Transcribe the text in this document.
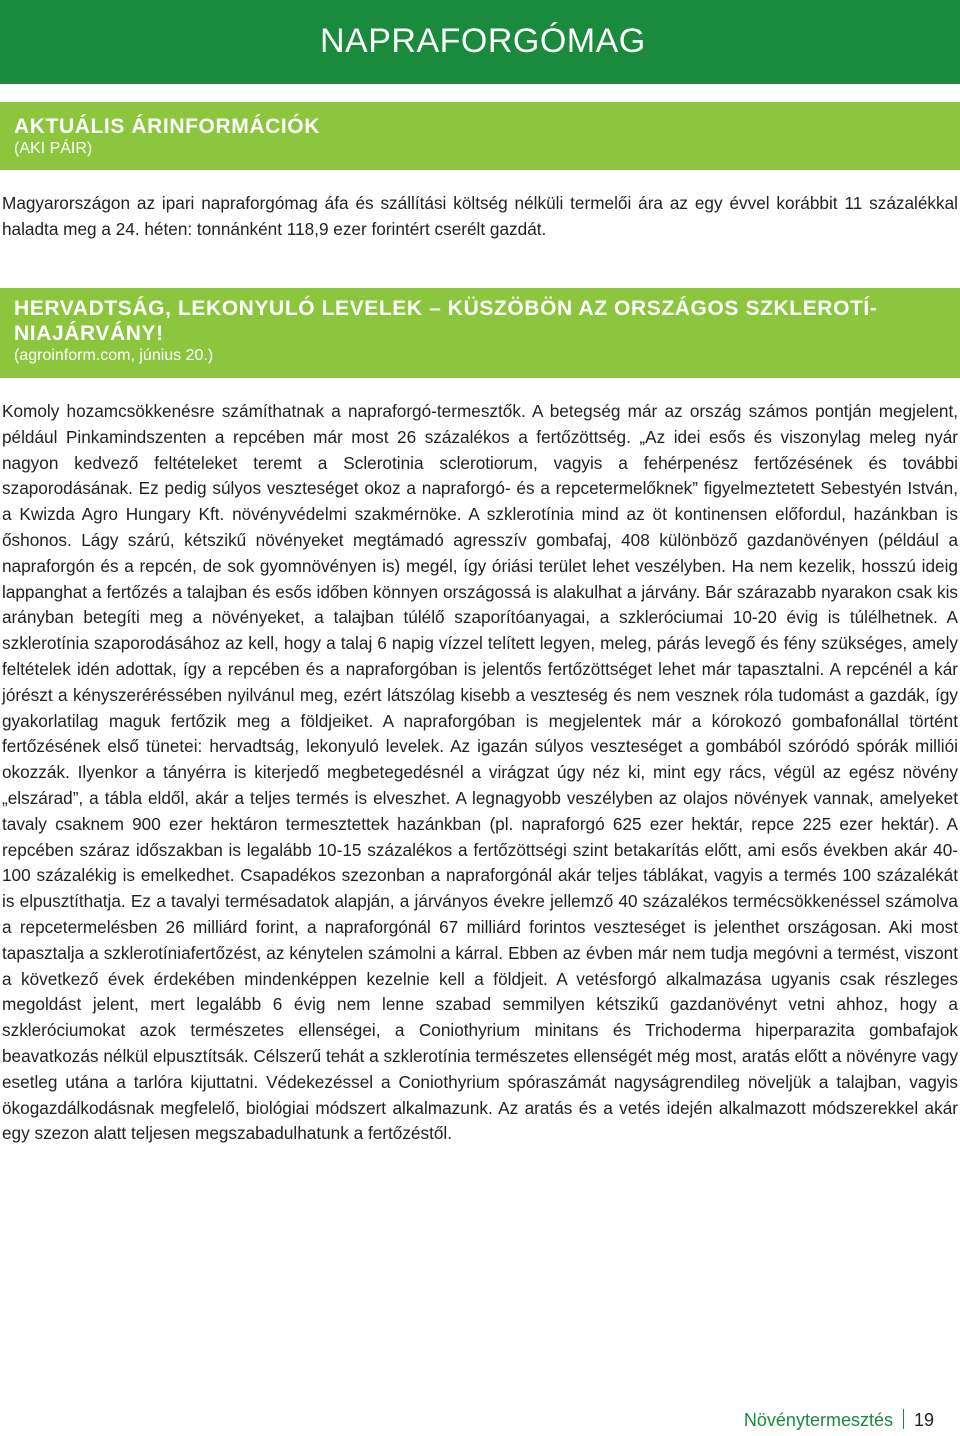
NAPRAFORGÓMAG
AKTUÁLIS ÁRINFORMÁCIÓK
(AKI PÁIR)

Magyarországon az ipari napraforgómag áfa és szállítási költség nélküli termelői ára az egy évvel korábbit 11 százalékkal haladta meg a 24. héten: tonnánként 118,9 ezer forintért cserélt gazdát.

HERVADTSÁG, LEKONYULÓ LEVELEK – KÜSZÖBÖN AZ ORSZÁGOS SZKLEROTÍ-NIAJÁRVÁNY!
(agroinform.com, június 20.)

Komoly hozamcsökkenésre számíthatnak a napraforgó-termesztők. A betegség már az ország számos pontján megjelent, például Pinkamindszenten a repcében már most 26 százalékos a fertőzöttség. „Az idei esős és viszonylag meleg nyár nagyon kedvező feltételeket teremt a Sclerotinia sclerotiorum, vagyis a fehérpenész fertőzésének és további szaporodásának. Ez pedig súlyos veszteséget okoz a napraforgó- és a repcetermelőknek” figyelmeztetett Sebestyén István, a Kwizda Agro Hungary Kft. növényvédelmi szakmérnöke. A szklerotínia mind az öt kontinensen előfordul, hazánkban is őshonos. Lágy szárú, kétszikű növényeket megtámadó agresszív gombafaj, 408 különböző gazdanövényen (például a napraforgón és a repcén, de sok gyomnövényen is) megél, így óriási terület lehet veszélyben. Ha nem kezelik, hosszú ideig lappanghat a fertőzés a talajban és esős időben könnyen országossá is alakulhat a járvány. Bár szárazabb nyarakon csak kis arányban betegíti meg a növényeket, a talajban túlélő szaporítóanyagai, a szkleróciumai 10-20 évig is túlélhetnek. A szklerotínia szaporodásához az kell, hogy a talaj 6 napig vízzel telített legyen, meleg, párás levegő és fény szükséges, amely feltételek idén adottak, így a repcében és a napraforgóban is jelentős fertőzöttséget lehet már tapasztalni. A repcénél a kár jórészt a kényszeréréssében nyilvánul meg, ezért látszólag kisebb a veszteség és nem vesznek róla tudomást a gazdák, így gyakorlatilag maguk fertőzik meg a földjeiket. A napraforgóban is megjelentek már a kórokozó gombafonállal történt fertőzésének első tünetei: hervadtság, lekonyuló levelek. Az igazán súlyos veszteséget a gombából szóródó spórák milliói okozzák. Ilyenkor a tányérra is kiterjedő megbetegedésnél a virágzat úgy néz ki, mint egy rács, végül az egész növény „elszárad”, a tábla eldől, akár a teljes termés is elveszhet. A legnagyobb veszélyben az olajos növények vannak, amelyeket tavaly csaknem 900 ezer hektáron termesztettek hazánkban (pl. napraforgó 625 ezer hektár, repce 225 ezer hektár). A repcében száraz időszakban is legalább 10-15 százalékos a fertőzöttségi szint betakarítás előtt, ami esős években akár 40-100 százalékig is emelkedhet. Csapadékos szezonban a napraforgónál akár teljes táblákat, vagyis a termés 100 százalékát is elpusztíthatja. Ez a tavalyi termésadatok alapján, a járványos évekre jellemző 40 százalékos termécsökkenéssel számolva a repcetermelésben 26 milliárd forint, a napraforgónál 67 milliárd forintos veszteséget is jelenthet országosan. Aki most tapasztalja a szklerotíniafertőzést, az kénytelen számolni a kárral. Ebben az évben már nem tudja megóvni a termést, viszont a következő évek érdekében mindenképpen kezelnie kell a földjeit. A vetésforgó alkalmazása ugyanis csak részleges megoldást jelent, mert legalább 6 évig nem lenne szabad semmilyen kétszikű gazdanövényt vetni ahhoz, hogy a szkleróciumokat azok természetes ellenségei, a Coniothyrium minitans és Trichoderma hiperparazita gombafajok beavatkozás nélkül elpusztítsák. Célszerű tehát a szklerotínia természetes ellenségét még most, aratás előtt a növényre vagy esetleg utána a tarlóra kijuttatni. Védekezéssel a Coniothyrium spóraszámát nagyságrendileg növeljük a talajban, vagyis ökogazdálkodásnak megfelelő, biológiai módszert alkalmazunk. Az aratás és a vetés idején alkalmazott módszerekkel akár egy szezon alatt teljesen megszabadulhatunk a fertőzéstől.

Növénytermesztés 19
